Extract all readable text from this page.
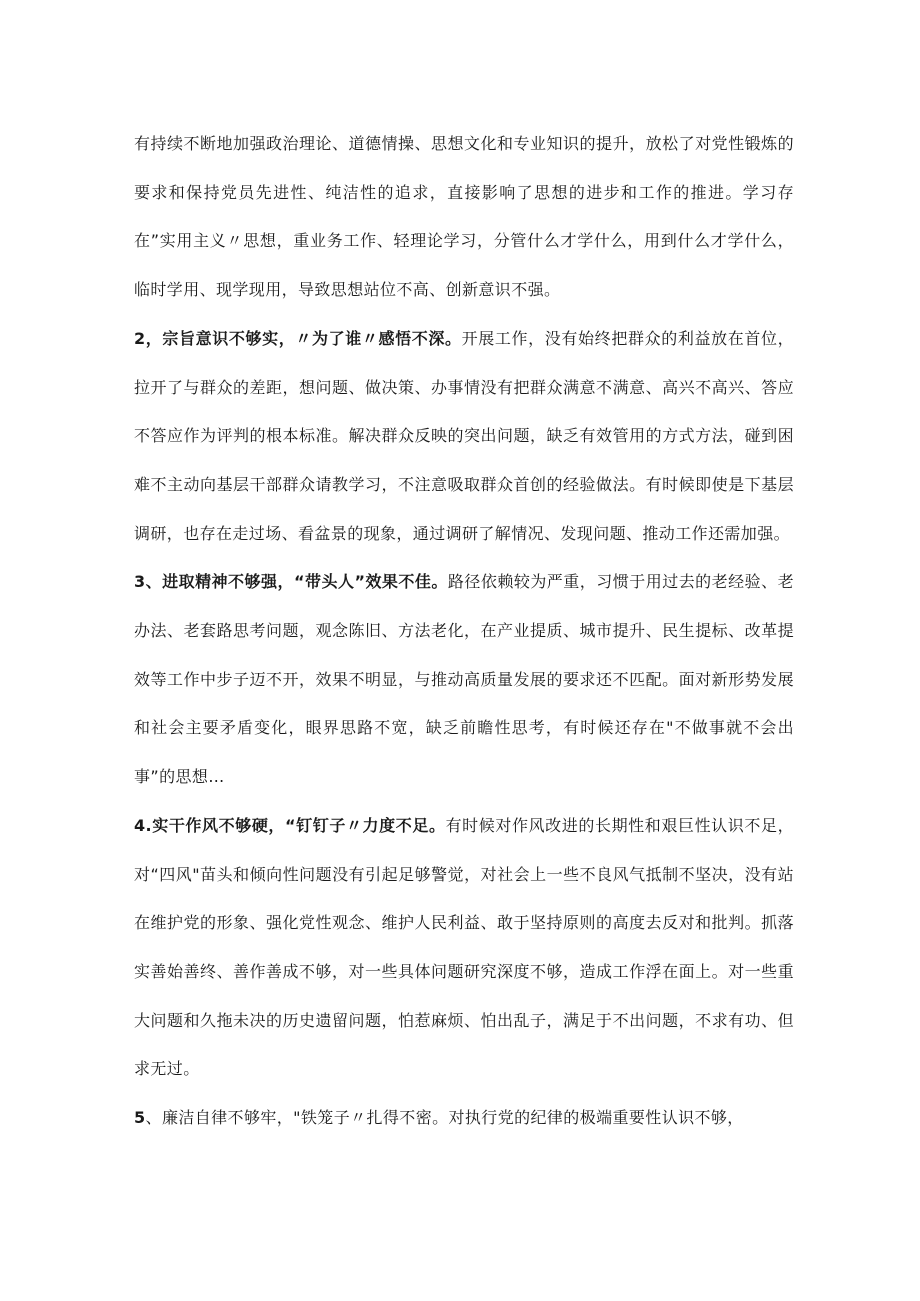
有持续不断地加强政治理论、道德情操、思想文化和专业知识的提升，放松了对党性锻炼的要求和保持党员先进性、纯洁性的追求，直接影响了思想的进步和工作的推进。学习存在”实用主义〃思想，重业务工作、轻理论学习，分管什么才学什么，用到什么才学什么，临时学用、现学现用，导致思想站位不高、创新意识不强。

2，宗旨意识不够实，〃为了谁〃感悟不深。开展工作，没有始终把群众的利益放在首位，拉开了与群众的差距，想问题、做决策、办事情没有把群众满意不满意、高兴不高兴、答应不答应作为评判的根本标准。解决群众反映的突出问题，缺乏有效管用的方式方法，碰到困难不主动向基层干部群众请教学习，不注意吸取群众首创的经验做法。有时候即使是下基层调研，也存在走过场、看盆景的现象，通过调研了解情况、发现问题、推动工作还需加强。

3、进取精神不够强，“带头人”效果不佳。路径依赖较为严重，习惯于用过去的老经验、老办法、老套路思考问题，观念陈旧、方法老化，在产业提质、城市提升、民生提标、改革提效等工作中步子迈不开，效果不明显，与推动高质量发展的要求还不匹配。面对新形势发展和社会主要矛盾变化，眼界思路不宽，缺乏前瞻性思考，有时候还存在"不做事就不会出事”的思想…

4.实干作风不够硬，“钉钉子〃力度不足。有时候对作风改进的长期性和艰巨性认识不足，对“四风"苗头和倾向性问题没有引起足够警觉，对社会上一些不良风气抵制不坚决，没有站在维护党的形象、强化党性观念、维护人民利益、敢于坚持原则的高度去反对和批判。抓落实善始善终、善作善成不够，对一些具体问题研究深度不够，造成工作浮在面上。对一些重大问题和久拖未决的历史遗留问题，怕惹麻烦、怕出乱子，满足于不出问题，不求有功、但求无过。

5、廉洁自律不够牢，"铁笼子〃扎得不密。对执行党的纪律的极端重要性认识不够，
